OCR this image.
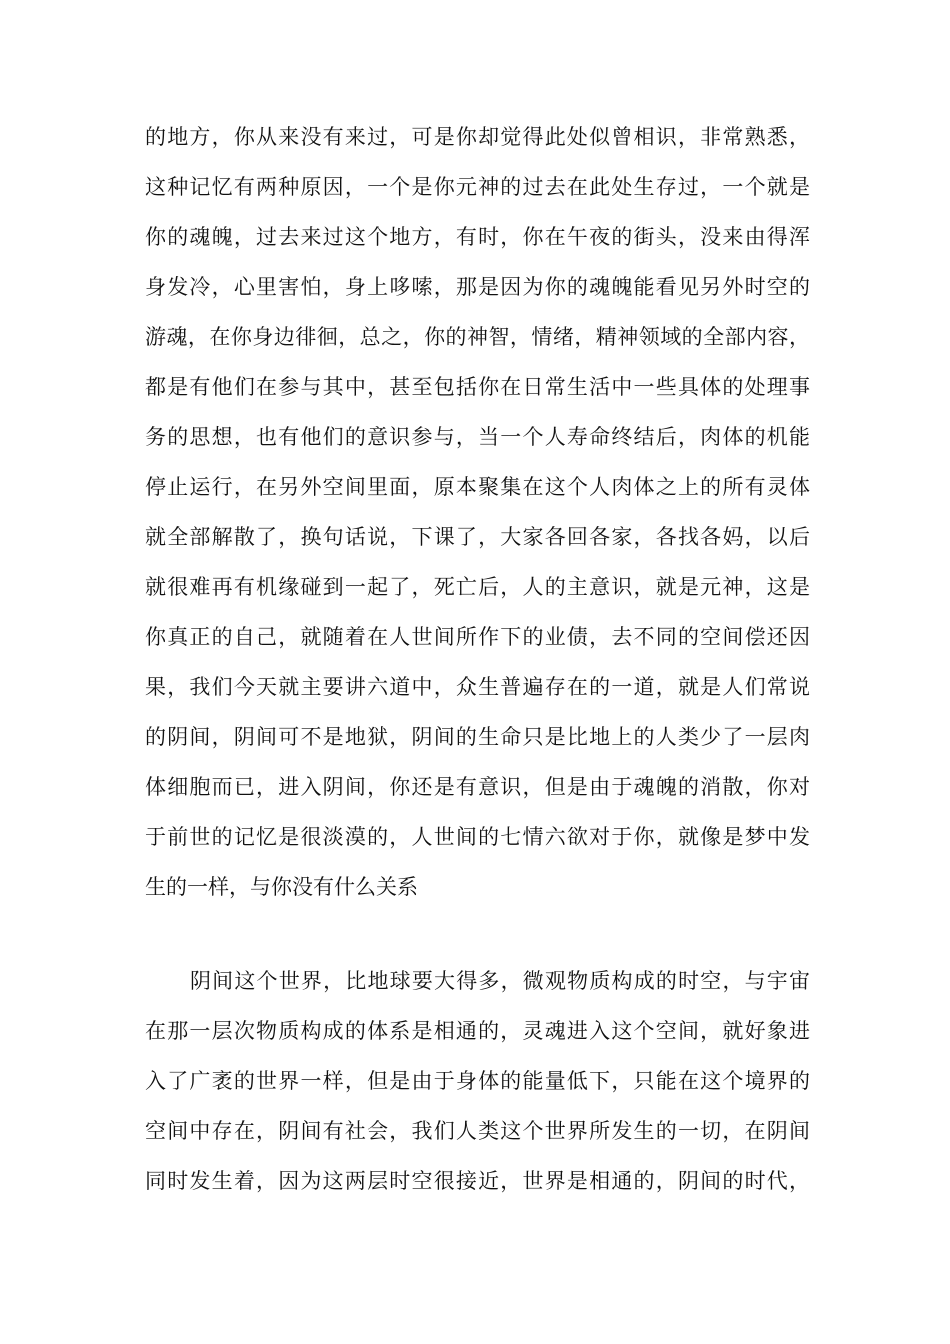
的地方，你从来没有来过，可是你却觉得此处似曾相识，非常熟悉，
这种记忆有两种原因，一个是你元神的过去在此处生存过，一个就是
你的魂魄，过去来过这个地方，有时，你在午夜的街头，没来由得浑
身发冷，心里害怕，身上哆嗦，那是因为你的魂魄能看见另外时空的
游魂，在你身边徘徊，总之，你的神智，情绪，精神领域的全部内容，
都是有他们在参与其中，甚至包括你在日常生活中一些具体的处理事
务的思想，也有他们的意识参与，当一个人寿命终结后，肉体的机能
停止运行，在另外空间里面，原本聚集在这个人肉体之上的所有灵体
就全部解散了，换句话说，下课了，大家各回各家，各找各妈，以后
就很难再有机缘碰到一起了，死亡后，人的主意识，就是元神，这是
你真正的自己，就随着在人世间所作下的业债，去不同的空间偿还因
果，我们今天就主要讲六道中，众生普遍存在的一道，就是人们常说
的阴间，阴间可不是地狱，阴间的生命只是比地上的人类少了一层肉
体细胞而已，进入阴间，你还是有意识，但是由于魂魄的消散，你对
于前世的记忆是很淡漠的，人世间的七情六欲对于你，就像是梦中发
生的一样，与你没有什么关系
阴间这个世界，比地球要大得多，微观物质构成的时空，与宇宙
在那一层次物质构成的体系是相通的，灵魂进入这个空间，就好象进
入了广袤的世界一样，但是由于身体的能量低下，只能在这个境界的
空间中存在，阴间有社会，我们人类这个世界所发生的一切，在阴间
同时发生着，因为这两层时空很接近，世界是相通的，阴间的时代，
